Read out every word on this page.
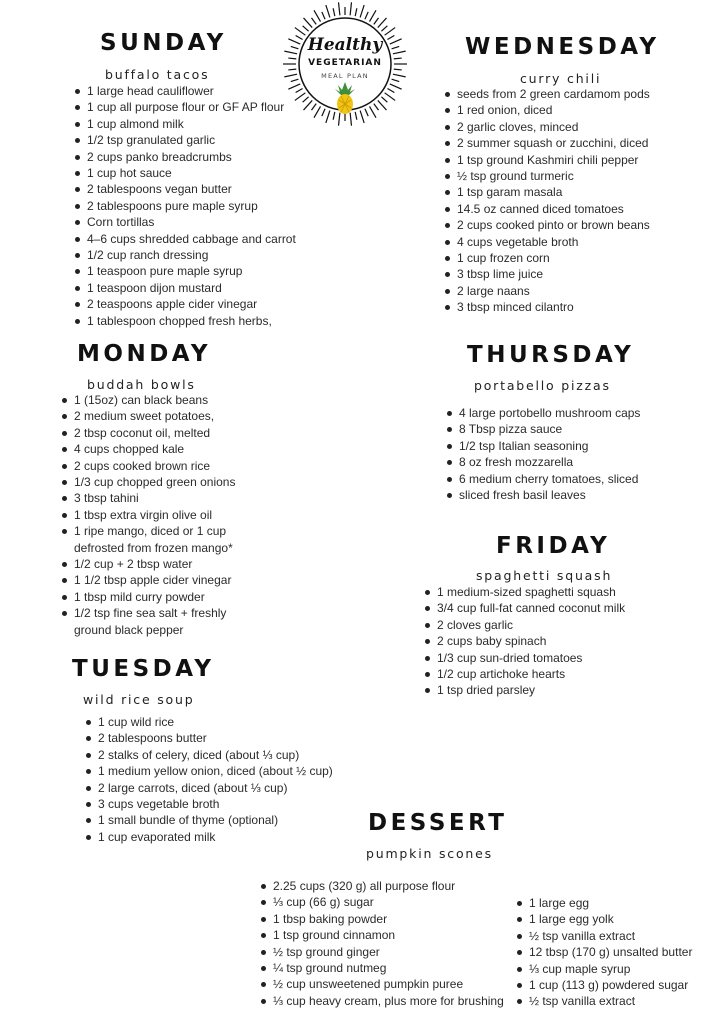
Healthy
VEGETARIAN
MEAL PLAN
SUNDAY
buffalo tacos
1 large head cauliflower
1 cup all purpose flour or GF AP flour
1 cup almond milk
1/2 tsp granulated garlic
2 cups panko breadcrumbs
1 cup hot sauce
2 tablespoons vegan butter
2 tablespoons pure maple syrup
Corn tortillas
4–6 cups shredded cabbage and carrot
1/2 cup ranch dressing
1 teaspoon pure maple syrup
1 teaspoon dijon mustard
2 teaspoons apple cider vinegar
1 tablespoon chopped fresh herbs,
WEDNESDAY
curry chili
seeds from 2 green cardamom pods
1 red onion, diced
2 garlic cloves, minced
2 summer squash or zucchini, diced
1 tsp ground Kashmiri chili pepper
½ tsp ground turmeric
1 tsp garam masala
14.5 oz canned diced tomatoes
2 cups cooked pinto or brown beans
4 cups vegetable broth
1 cup frozen corn
3 tbsp lime juice
2 large naans
3 tbsp minced cilantro
MONDAY
buddah bowls
1 (15oz) can black beans
2 medium sweet potatoes,
2 tbsp coconut oil, melted
4 cups chopped kale
2 cups cooked brown rice
1/3 cup chopped green onions
3 tbsp tahini
1 tbsp extra virgin olive oil
1 ripe mango, diced or 1 cup defrosted from frozen mango*
1/2 cup + 2 tbsp water
1 1/2 tbsp apple cider vinegar
1 tbsp mild curry powder
1/2 tsp fine sea salt + freshly ground black pepper
THURSDAY
portabello pizzas
4 large portobello mushroom caps
8 Tbsp pizza sauce
1/2 tsp Italian seasoning
8 oz fresh mozzarella
6 medium cherry tomatoes, sliced
sliced fresh basil leaves
FRIDAY
spaghetti squash
1 medium-sized spaghetti squash
3/4 cup full-fat canned coconut milk
2 cloves garlic
2 cups baby spinach
1/3 cup sun-dried tomatoes
1/2 cup artichoke hearts
1 tsp dried parsley
TUESDAY
wild rice soup
1 cup wild rice
2 tablespoons butter
2 stalks of celery, diced (about ⅓ cup)
1 medium yellow onion, diced (about ½ cup)
2 large carrots, diced (about ⅓ cup)
3 cups vegetable broth
1 small bundle of thyme (optional)
1 cup evaporated milk
DESSERT
pumpkin scones
2.25 cups (320 g) all purpose flour
⅓ cup (66 g) sugar
1 tbsp baking powder
1 tsp ground cinnamon
½ tsp ground ginger
¼ tsp ground nutmeg
½ cup unsweetened pumpkin puree
⅓ cup heavy cream, plus more for brushing
1 large egg
1 large egg yolk
½ tsp vanilla extract
12 tbsp (170 g) unsalted butter
⅓ cup maple syrup
1 cup (113 g) powdered sugar
½ tsp vanilla extract
